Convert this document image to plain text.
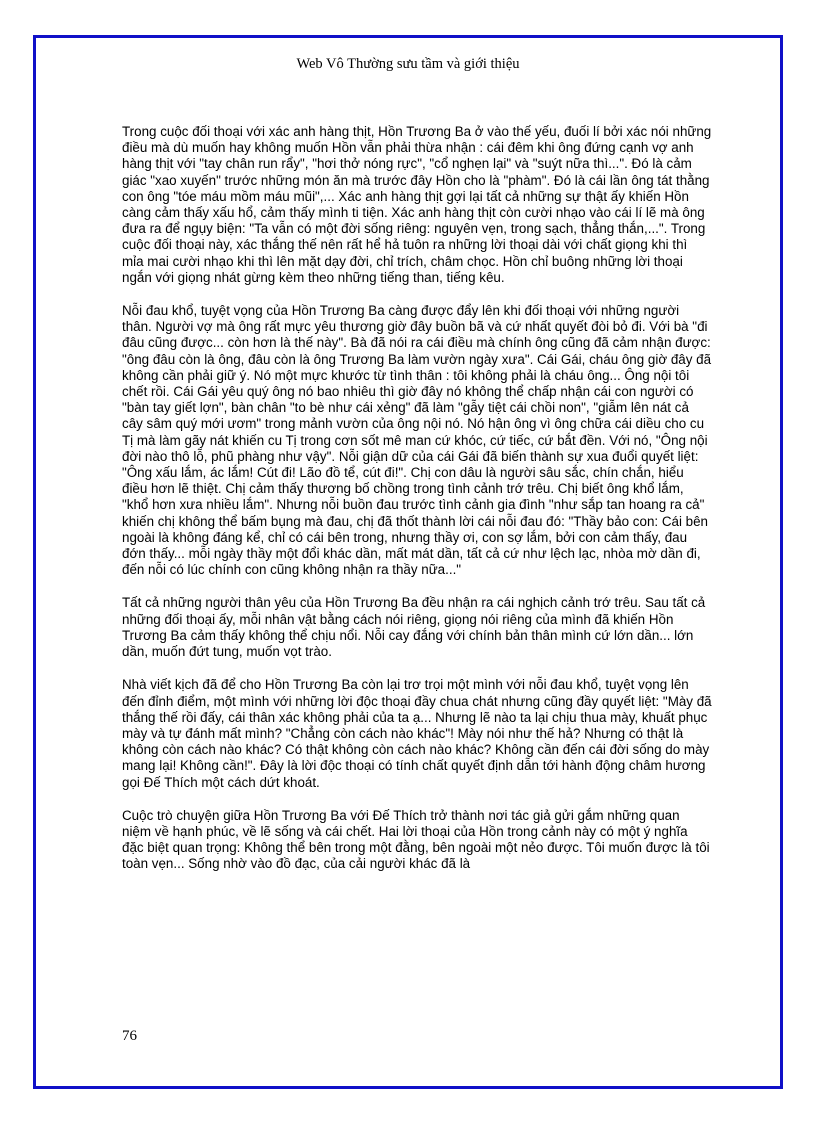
Web Vô Thường sưu tầm và giới thiệu

Trong cuộc đối thoại với xác anh hàng thịt, Hồn Trương Ba ở vào thế yếu, đuối lí bởi xác nói những điều mà dù muốn hay không muốn Hồn vẫn phải thừa nhận : cái đêm khi ông đứng cạnh vợ anh hàng thịt với "tay chân run rẩy", "hơi thở nóng rực", "cổ nghẹn lại" và "suýt nữa thì...". Đó là cảm giác "xao xuyến" trước những món ăn mà trước đây Hồn cho là "phàm". Đó là cái lần ông tát thằng con ông "tóe máu mồm máu mũi",... Xác anh hàng thịt gợi lại tất cả những sự thật ấy khiến Hồn càng cảm thấy xấu hổ, cảm thấy mình ti tiện. Xác anh hàng thịt còn cười nhạo vào cái lí lẽ mà ông đưa ra để ngụy biện: "Ta vẫn có một đời sống riêng: nguyên vẹn, trong sạch, thẳng thắn,...". Trong cuộc đối thoại này, xác thắng thế nên rất hể hả tuôn ra những lời thoại dài với chất giọng khi thì mỉa mai cười nhạo khi thì lên mặt dạy đời, chỉ trích, châm chọc. Hồn chỉ buông những lời thoại ngắn với giọng nhát gừng kèm theo những tiếng than, tiếng kêu.

Nỗi đau khổ, tuyệt vọng của Hồn Trương Ba càng được đẩy lên khi đối thoại với những người thân. Người vợ mà ông rất mực yêu thương giờ đây buồn bã và cứ nhất quyết đòi bỏ đi. Với bà "đi đâu cũng được... còn hơn là thế này". Bà đã nói ra cái điều mà chính ông cũng đã cảm nhận được: "ông đâu còn là ông, đâu còn là ông Trương Ba làm vườn ngày xưa". Cái Gái, cháu ông giờ đây đã không cần phải giữ ý. Nó một mực khước từ tình thân : tôi không phải là cháu ông... Ông nội tôi chết rồi. Cái Gái yêu quý ông nó bao nhiêu thì giờ đây nó không thể chấp nhận cái con người có "bàn tay giết lợn", bàn chân "to bè như cái xẻng" đã làm "gẫy tiệt cái chồi non", "giẫm lên nát cả cây sâm quý mới ươm" trong mảnh vườn của ông nội nó. Nó hận ông vì ông chữa cái diều cho cu Tị mà làm gãy nát khiến cu Tị trong cơn sốt mê man cứ khóc, cứ tiếc, cứ bắt đền. Với nó, "Ông nội đời nào thô lỗ, phũ phàng như vậy". Nỗi giận dữ của cái Gái đã biến thành sự xua đuổi quyết liệt: "Ông xấu lắm, ác lắm! Cút đi! Lão đồ tể, cút đi!". Chị con dâu là người sâu sắc, chín chắn, hiểu điều hơn lẽ thiệt. Chị cảm thấy thương bố chồng trong tình cảnh trớ trêu. Chị biết ông khổ lắm, "khổ hơn xưa nhiều lắm". Nhưng nỗi buồn đau trước tình cảnh gia đình "như sắp tan hoang ra cả" khiến chị không thể bấm bụng mà đau, chị đã thốt thành lời cái nỗi đau đó: "Thầy bảo con: Cái bên ngoài là không đáng kể, chỉ có cái bên trong, nhưng thầy ơi, con sợ lắm, bởi con cảm thấy, đau đớn thấy... mỗi ngày thầy một đổi khác dần, mất mát dần, tất cả cứ như lệch lạc, nhòa mờ dần đi, đến nỗi có lúc chính con cũng không nhận ra thầy nữa..."

Tất cả những người thân yêu của Hồn Trương Ba đều nhận ra cái nghịch cảnh trớ trêu. Sau tất cả những đối thoại ấy, mỗi nhân vật bằng cách nói riêng, giọng nói riêng của mình đã khiến Hồn Trương Ba cảm thấy không thể chịu nổi. Nỗi cay đắng với chính bản thân mình cứ lớn dần... lớn dần, muốn đứt tung, muốn vọt trào.

Nhà viết kịch đã để cho Hồn Trương Ba còn lại trơ trọi một mình với nỗi đau khổ, tuyệt vọng lên đến đỉnh điểm, một mình với những lời độc thoại đầy chua chát nhưng cũng đầy quyết liệt: "Mày đã thắng thế rồi đấy, cái thân xác không phải của ta ạ... Nhưng lẽ nào ta lại chịu thua mày, khuất phục mày và tự đánh mất mình? "Chẳng còn cách nào khác"! Mày nói như thế hả? Nhưng có thật là không còn cách nào khác? Có thật không còn cách nào khác? Không cần đến cái đời sống do mày mang lại! Không cần!". Đây là lời độc thoại có tính chất quyết định dẫn tới hành động châm hương gọi Đế Thích một cách dứt khoát.

Cuộc trò chuyện giữa Hồn Trương Ba với Đế Thích trở thành nơi tác giả gửi gắm những quan niệm về hạnh phúc, về lẽ sống và cái chết. Hai lời thoại của Hồn trong cảnh này có một ý nghĩa đặc biệt quan trọng: Không thể bên trong một đằng, bên ngoài một nẻo được. Tôi muốn được là tôi toàn vẹn... Sống nhờ vào đồ đạc, của cải người khác đã là

76
